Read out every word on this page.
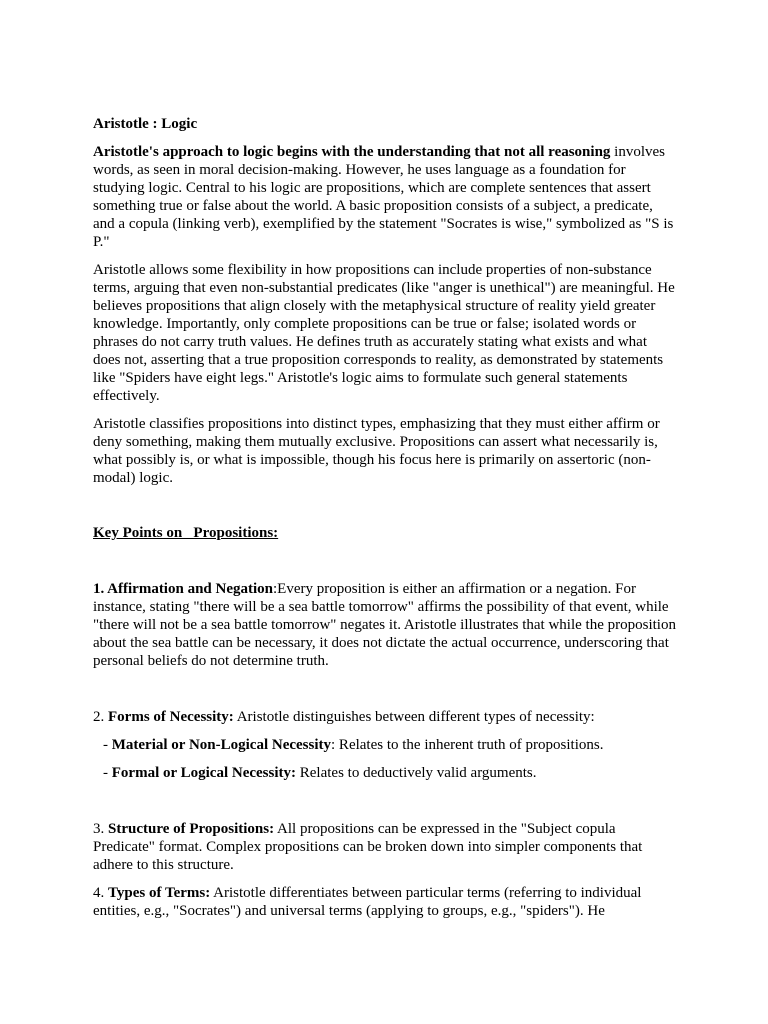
Aristotle : Logic

Aristotle's approach to logic begins with the understanding that not all reasoning involves words, as seen in moral decision-making. However, he uses language as a foundation for studying logic. Central to his logic are propositions, which are complete sentences that assert something true or false about the world. A basic proposition consists of a subject, a predicate, and a copula (linking verb), exemplified by the statement "Socrates is wise," symbolized as "S is P."

Aristotle allows some flexibility in how propositions can include properties of non-substance terms, arguing that even non-substantial predicates (like "anger is unethical") are meaningful. He believes propositions that align closely with the metaphysical structure of reality yield greater knowledge. Importantly, only complete propositions can be true or false; isolated words or phrases do not carry truth values. He defines truth as accurately stating what exists and what does not, asserting that a true proposition corresponds to reality, as demonstrated by statements like "Spiders have eight legs." Aristotle's logic aims to formulate such general statements effectively.

Aristotle classifies propositions into distinct types, emphasizing that they must either affirm or deny something, making them mutually exclusive. Propositions can assert what necessarily is, what possibly is, or what is impossible, though his focus here is primarily on assertoric (non-modal) logic.

Key Points on   Propositions:

1. Affirmation and Negation:Every proposition is either an affirmation or a negation. For instance, stating "there will be a sea battle tomorrow" affirms the possibility of that event, while "there will not be a sea battle tomorrow" negates it. Aristotle illustrates that while the proposition about the sea battle can be necessary, it does not dictate the actual occurrence, underscoring that personal beliefs do not determine truth.

2. Forms of Necessity: Aristotle distinguishes between different types of necessity:

- Material or Non-Logical Necessity: Relates to the inherent truth of propositions.

- Formal or Logical Necessity: Relates to deductively valid arguments.

3. Structure of Propositions: All propositions can be expressed in the "Subject copula Predicate" format. Complex propositions can be broken down into simpler components that adhere to this structure.

4. Types of Terms: Aristotle differentiates between particular terms (referring to individual entities, e.g., "Socrates") and universal terms (applying to groups, e.g., "spiders"). He
